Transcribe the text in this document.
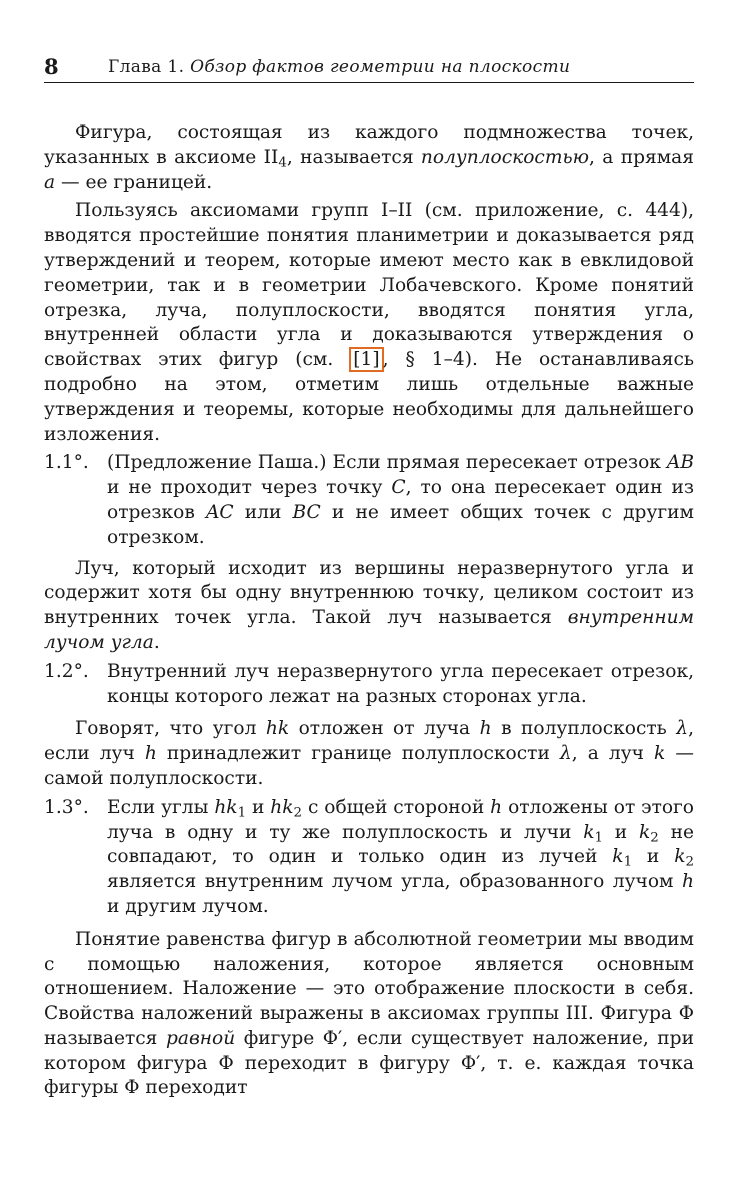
8	Глава 1. Обзор фактов геометрии на плоскости

Фигура, состоящая из каждого подмножества точек, указанных в аксиоме $II_4$, называется полуплоскостью, а прямая a — ее границей.

Пользуясь аксиомами групп I–II (см. приложение, с. 444), вводятся простейшие понятия планиметрии и доказывается ряд утверждений и теорем, которые имеют место как в евклидовой геометрии, так и в геометрии Лобачевского. Кроме понятий отрезка, луча, полуплоскости, вводятся понятия угла, внутренней области угла и доказываются утверждения о свойствах этих фигур (см. [1] , § 1–4). Не останавливаясь подробно на этом, отметим лишь отдельные важные утверждения и теоремы, которые необходимы для дальнейшего изложения.

1.1°. (Предложение Паша.) Если прямая пересекает отрезок AB и не проходит через точку C, то она пересекает один из отрезков AC или BC и не имеет общих точек с другим отрезком.

Луч, который исходит из вершины неразвернутого угла и содержит хотя бы одну внутреннюю точку, целиком состоит из внутренних точек угла. Такой луч называется внутренним лучом угла.

1.2°. Внутренний луч неразвернутого угла пересекает отрезок, концы которого лежат на разных сторонах угла.

Говорят, что угол hk отложен от луча h в полуплоскость λ, если луч h принадлежит границе полуплоскости λ, а луч k — самой полуплоскости.

1.3°. Если углы $hk_1$ и $hk_2$ с общей стороной h отложены от этого луча в одну и ту же полуплоскость и лучи $k_1$ и $k_2$ не совпадают, то один и только один из лучей $k_1$ и $k_2$ является внутренним лучом угла, образованного лучом h и другим лучом.

Понятие равенства фигур в абсолютной геометрии мы вводим с помощью наложения, которое является основным отношением. Наложение — это отображение плоскости в себя. Свойства наложений выражены в аксиомах группы III. Фигура Φ называется равной фигуре Φ′, если существует наложение, при котором фигура Φ переходит в фигуру Φ′, т. е. каждая точка фигуры Φ переходит
